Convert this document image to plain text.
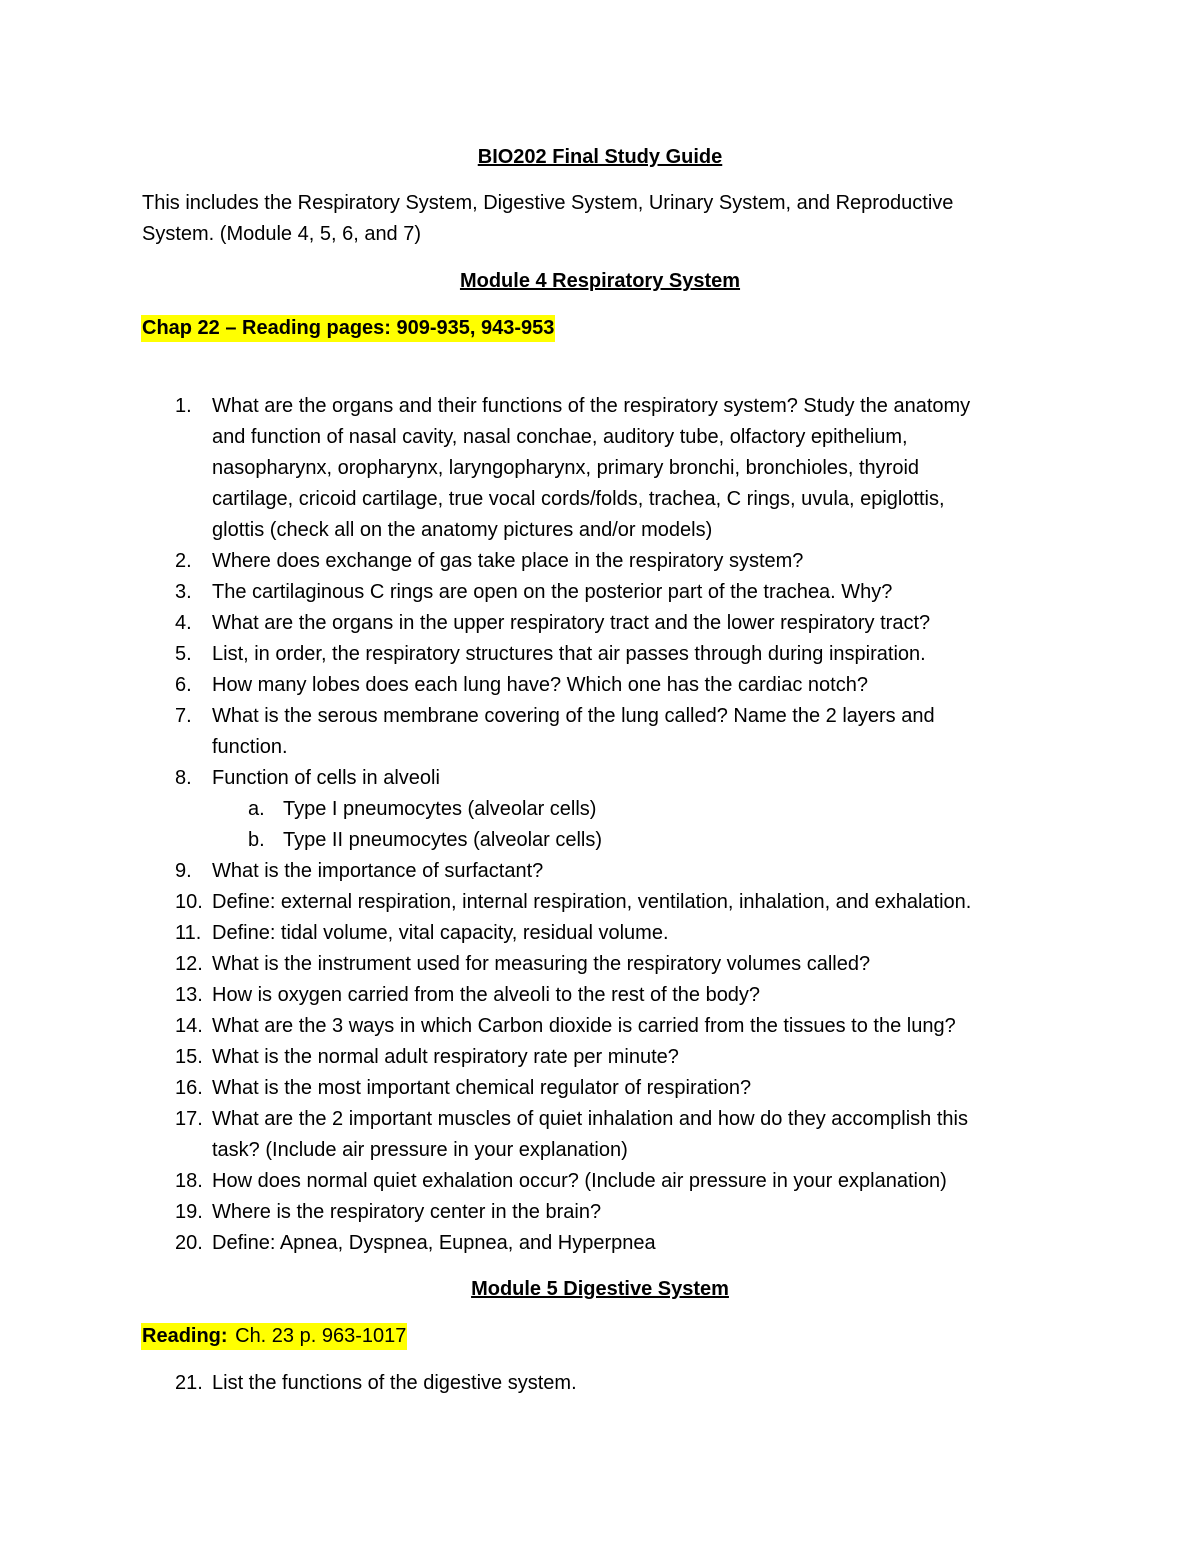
BIO202 Final Study Guide
This includes the Respiratory System, Digestive System, Urinary System, and Reproductive
System. (Module 4, 5, 6, and 7)
Module 4 Respiratory System
Chap 22 – Reading pages: 909-935, 943-953
1. What are the organs and their functions of the respiratory system? Study the anatomy
and function of nasal cavity, nasal conchae, auditory tube, olfactory epithelium,
nasopharynx, oropharynx, laryngopharynx, primary bronchi, bronchioles, thyroid
cartilage, cricoid cartilage, true vocal cords/folds, trachea, C rings, uvula, epiglottis,
glottis (check all on the anatomy pictures and/or models)
2. Where does exchange of gas take place in the respiratory system?
3. The cartilaginous C rings are open on the posterior part of the trachea. Why?
4. What are the organs in the upper respiratory tract and the lower respiratory tract?
5. List, in order, the respiratory structures that air passes through during inspiration.
6. How many lobes does each lung have? Which one has the cardiac notch?
7. What is the serous membrane covering of the lung called? Name the 2 layers and
function.
8. Function of cells in alveoli
a. Type I pneumocytes (alveolar cells)
b. Type II pneumocytes (alveolar cells)
9. What is the importance of surfactant?
10. Define: external respiration, internal respiration, ventilation, inhalation, and exhalation.
11. Define: tidal volume, vital capacity, residual volume.
12. What is the instrument used for measuring the respiratory volumes called?
13. How is oxygen carried from the alveoli to the rest of the body?
14. What are the 3 ways in which Carbon dioxide is carried from the tissues to the lung?
15. What is the normal adult respiratory rate per minute?
16. What is the most important chemical regulator of respiration?
17. What are the 2 important muscles of quiet inhalation and how do they accomplish this
task? (Include air pressure in your explanation)
18. How does normal quiet exhalation occur? (Include air pressure in your explanation)
19. Where is the respiratory center in the brain?
20. Define: Apnea, Dyspnea, Eupnea, and Hyperpnea
Module 5 Digestive System
Reading: Ch. 23 p. 963-1017
21. List the functions of the digestive system.
